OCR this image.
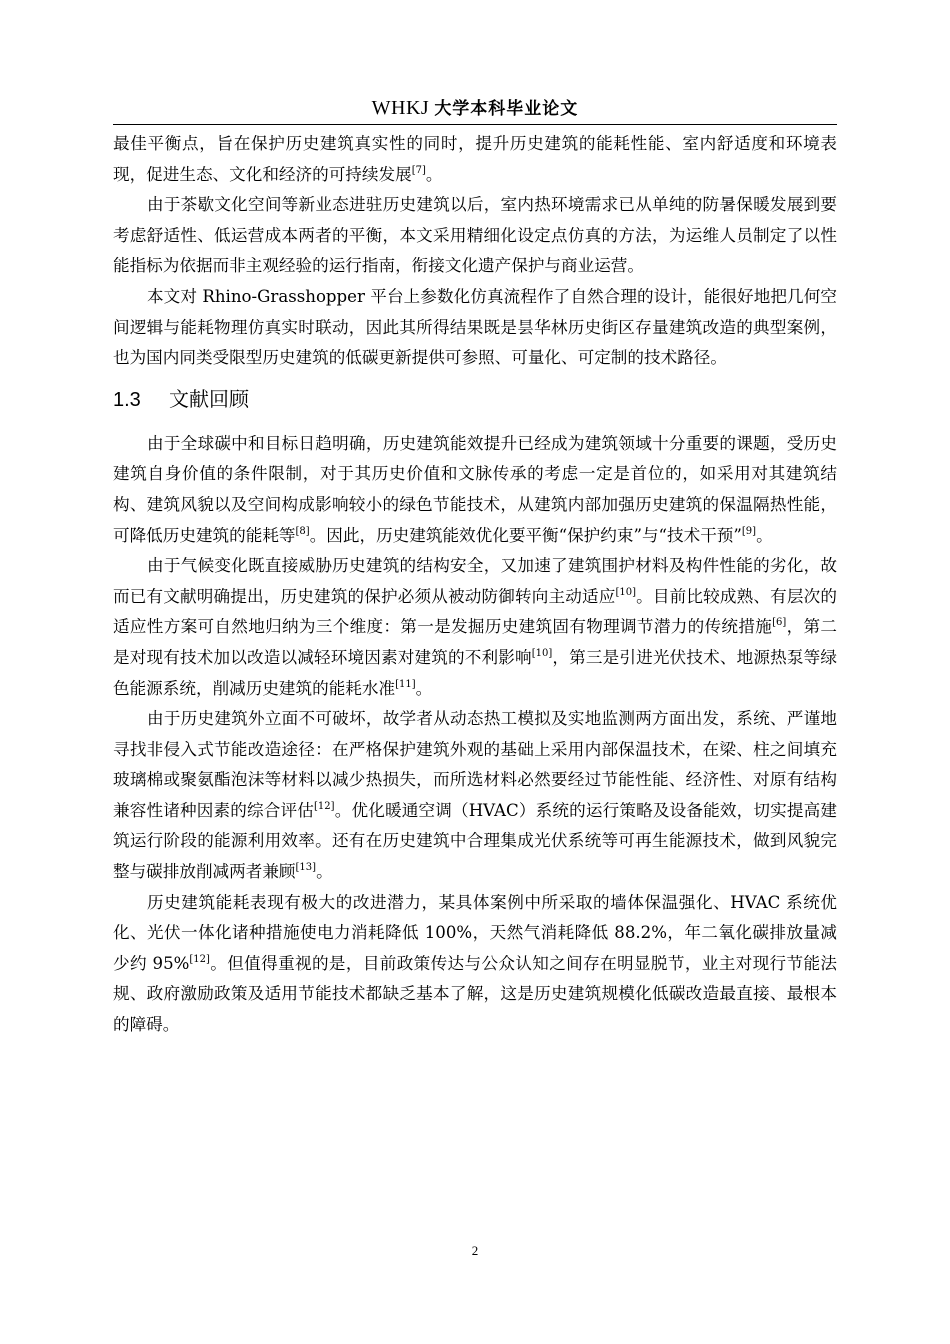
WHKJ 大学本科毕业论文

最佳平衡点，旨在保护历史建筑真实性的同时，提升历史建筑的能耗性能、室内舒适度和环境表现，促进生态、文化和经济的可持续发展[7]。

由于茶歇文化空间等新业态进驻历史建筑以后，室内热环境需求已从单纯的防暑保暖发展到要考虑舒适性、低运营成本两者的平衡，本文采用精细化设定点仿真的方法，为运维人员制定了以性能指标为依据而非主观经验的运行指南，衔接文化遗产保护与商业运营。

本文对 Rhino-Grasshopper 平台上参数化仿真流程作了自然合理的设计，能很好地把几何空间逻辑与能耗物理仿真实时联动，因此其所得结果既是昙华林历史街区存量建筑改造的典型案例，也为国内同类受限型历史建筑的低碳更新提供可参照、可量化、可定制的技术路径。

1.3 文献回顾

由于全球碳中和目标日趋明确，历史建筑能效提升已经成为建筑领域十分重要的课题，受历史建筑自身价值的条件限制，对于其历史价值和文脉传承的考虑一定是首位的，如采用对其建筑结构、建筑风貌以及空间构成影响较小的绿色节能技术，从建筑内部加强历史建筑的保温隔热性能，可降低历史建筑的能耗等[8]。因此，历史建筑能效优化要平衡“保护约束”与“技术干预”[9]。

由于气候变化既直接威胁历史建筑的结构安全，又加速了建筑围护材料及构件性能的劣化，故而已有文献明确提出，历史建筑的保护必须从被动防御转向主动适应[10]。目前比较成熟、有层次的适应性方案可自然地归纳为三个维度：第一是发掘历史建筑固有物理调节潜力的传统措施[6]，第二是对现有技术加以改造以减轻环境因素对建筑的不利影响[10]，第三是引进光伏技术、地源热泵等绿色能源系统，削减历史建筑的能耗水准[11]。

由于历史建筑外立面不可破坏，故学者从动态热工模拟及实地监测两方面出发，系统、严谨地寻找非侵入式节能改造途径：在严格保护建筑外观的基础上采用内部保温技术，在梁、柱之间填充玻璃棉或聚氨酯泡沫等材料以减少热损失，而所选材料必然要经过节能性能、经济性、对原有结构兼容性诸种因素的综合评估[12]。优化暖通空调（HVAC）系统的运行策略及设备能效，切实提高建筑运行阶段的能源利用效率。还有在历史建筑中合理集成光伏系统等可再生能源技术，做到风貌完整与碳排放削减两者兼顾[13]。

历史建筑能耗表现有极大的改进潜力，某具体案例中所采取的墙体保温强化、HVAC 系统优化、光伏一体化诸种措施使电力消耗降低 100%，天然气消耗降低 88.2%，年二氧化碳排放量减少约 95%[12]。但值得重视的是，目前政策传达与公众认知之间存在明显脱节，业主对现行节能法规、政府激励政策及适用节能技术都缺乏基本了解，这是历史建筑规模化低碳改造最直接、最根本的障碍。

2
